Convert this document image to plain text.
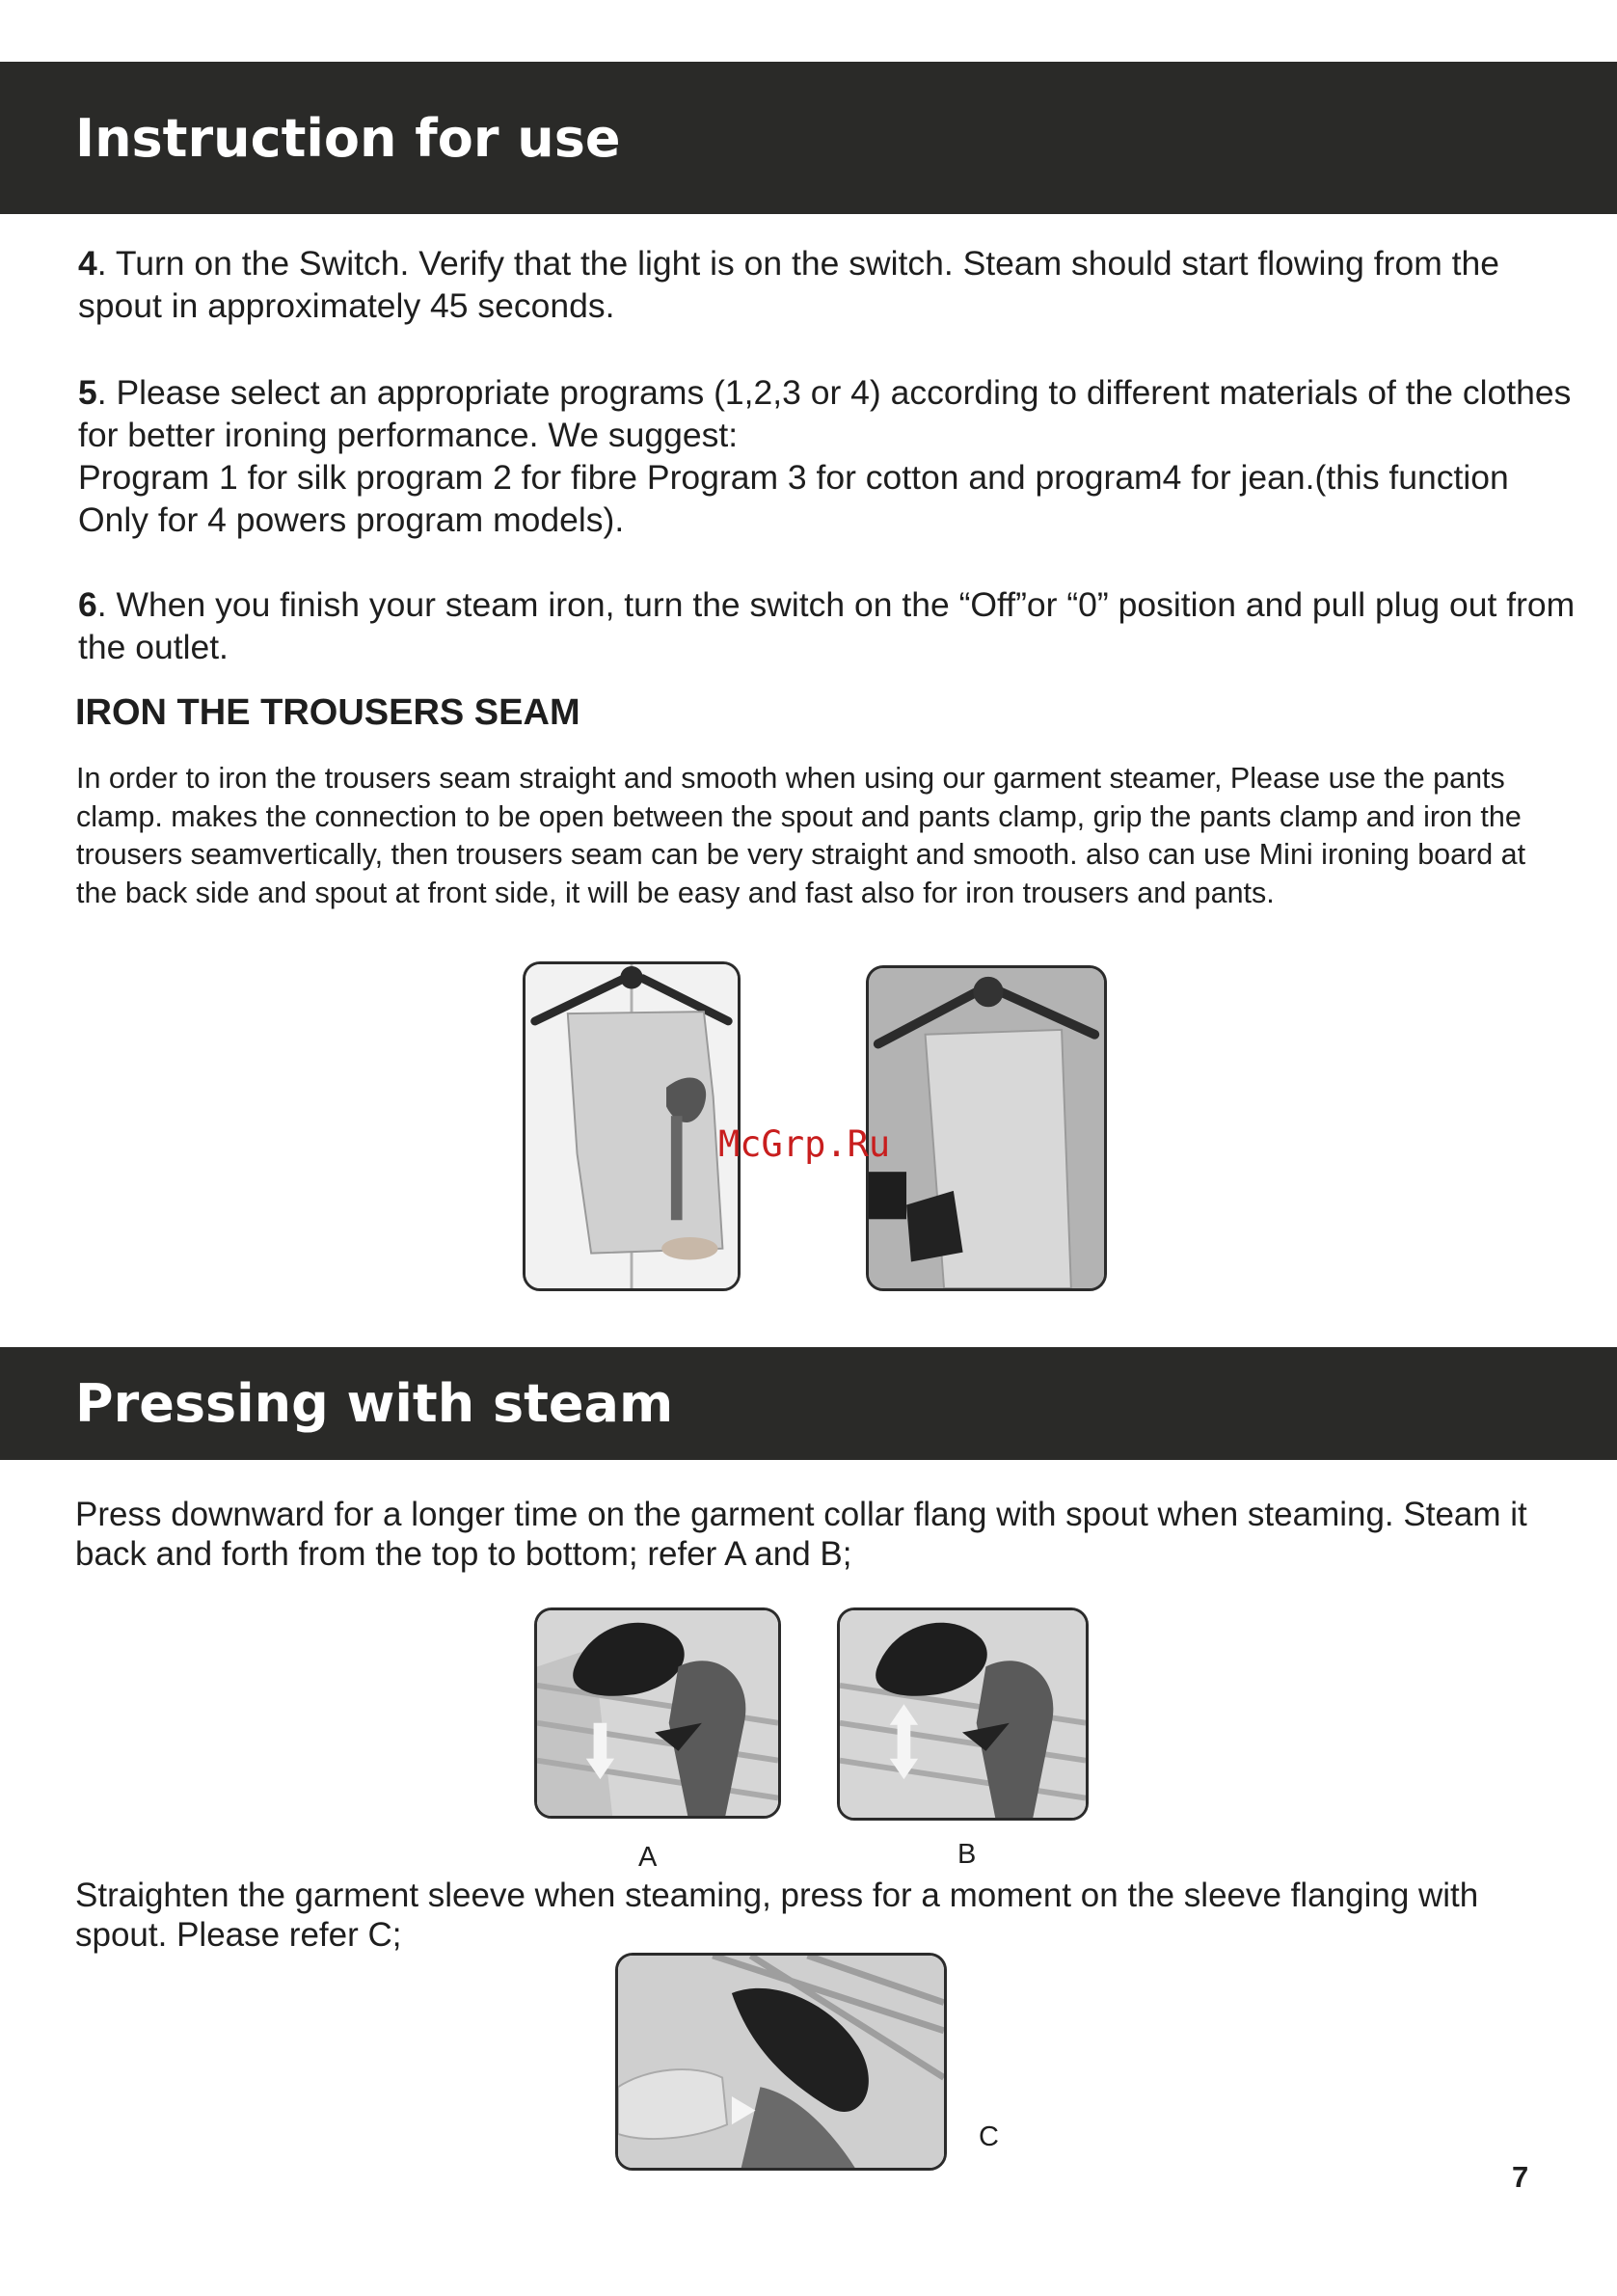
Instruction for use

4. Turn on the Switch. Verify that the light is on the switch. Steam should start flowing from the spout in approximately 45 seconds.

5. Please select an appropriate programs (1,2,3 or 4) according to different materials of the clothes for better ironing performance. We suggest:
Program 1 for silk program 2 for fibre Program 3 for cotton and program4 for jean.(this function Only for 4 powers program models).

6. When you finish your steam iron, turn the switch on the “Off”or “0” position and pull plug out from the outlet.

IRON THE TROUSERS SEAM

In order to iron the trousers seam straight and smooth when using our garment steamer, Please use the pants clamp. makes the connection to be open between the spout and pants clamp, grip the pants clamp and iron the trousers seamvertically, then trousers seam can be very straight and smooth. also can use Mini ironing board at the back side and spout at front side, it will be easy and fast also for iron trousers and pants.

McGrp.Ru

Pressing with steam

Press downward for a longer time on the garment collar flang with spout when steaming. Steam it back and forth from the top to bottom; refer A and B;

A	B

Straighten the garment sleeve when steaming, press for a moment on the sleeve flanging with spout. Please refer C;

C

7
